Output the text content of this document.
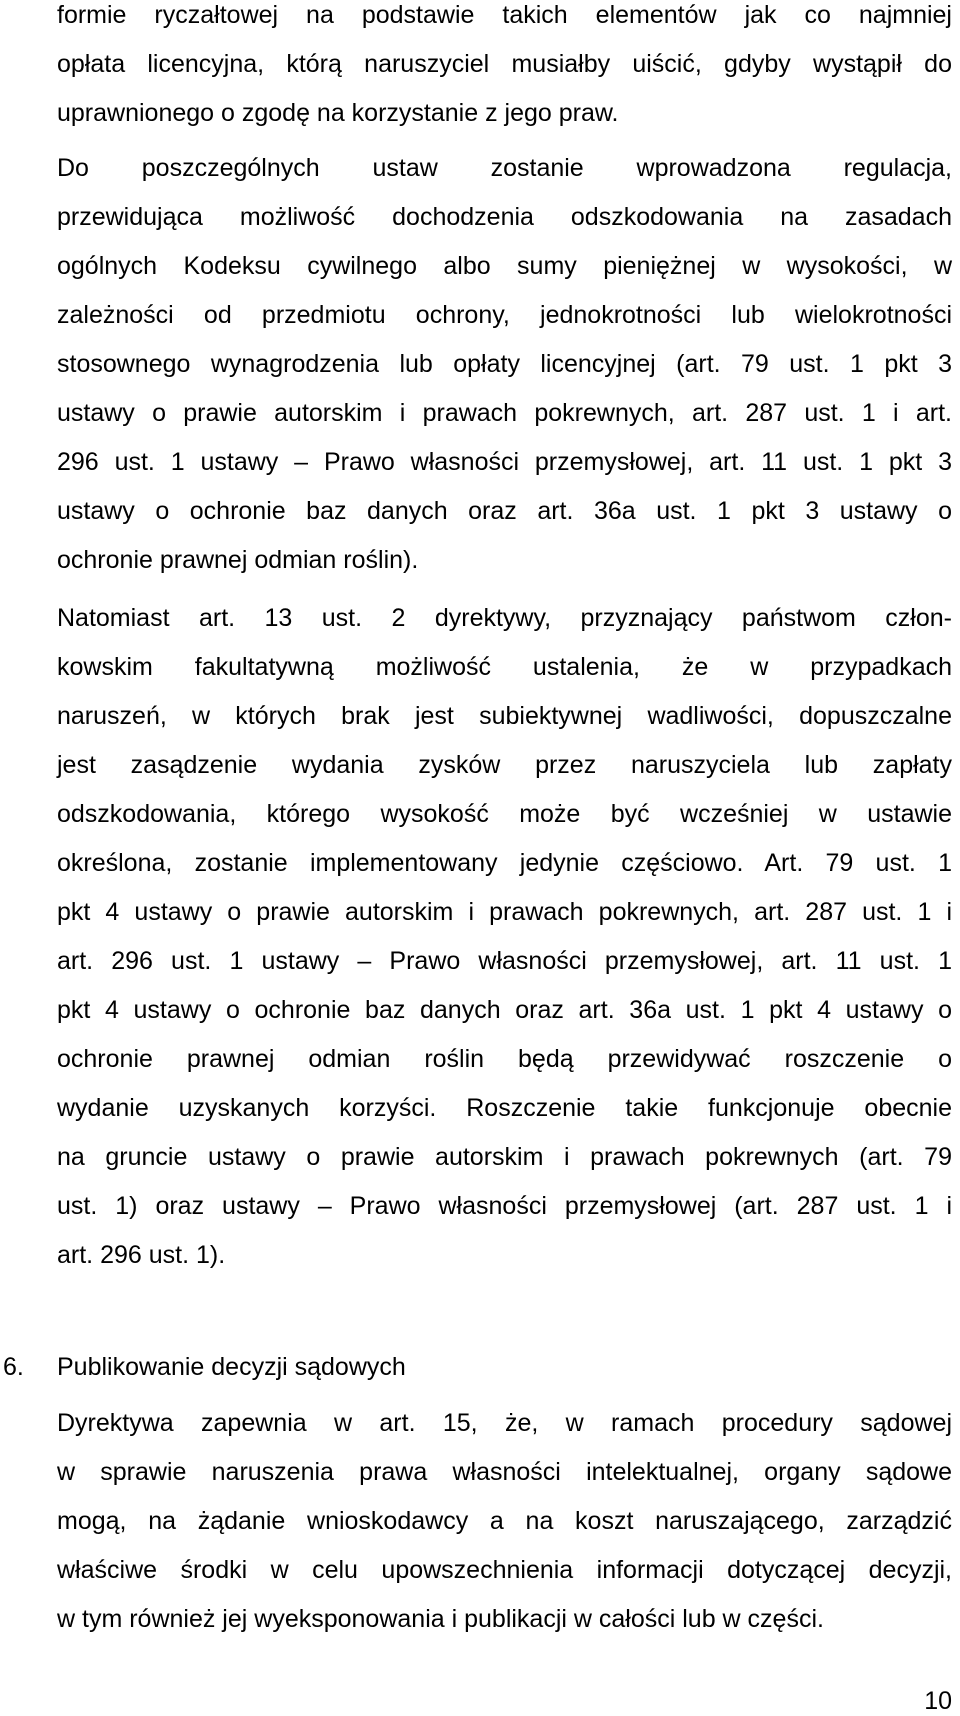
6. Publikowanie decyzji sądowych
10
formie ryczałtowej na podstawie takich elementów jak co najmniej
opłata licencyjna, którą naruszyciel musiałby uiścić, gdyby wystąpił do
uprawnionego o zgodę na korzystanie z jego praw.
Do poszczególnych ustaw zostanie wprowadzona regulacja,
przewidująca możliwość dochodzenia odszkodowania na zasadach
ogólnych Kodeksu cywilnego albo sumy pieniężnej w wysokości, w
zależności od przedmiotu ochrony, jednokrotności lub wielokrotności
stosownego wynagrodzenia lub opłaty licencyjnej (art. 79 ust. 1 pkt 3
ustawy o prawie autorskim i prawach pokrewnych, art. 287 ust. 1 i art.
296 ust. 1 ustawy – Prawo własności przemysłowej, art. 11 ust. 1 pkt 3
ustawy o ochronie baz danych oraz art. 36a ust. 1 pkt 3 ustawy o
ochronie prawnej odmian roślin).
Natomiast art. 13 ust. 2 dyrektywy, przyznający państwom człon-
kowskim fakultatywną możliwość ustalenia, że w przypadkach
naruszeń, w których brak jest subiektywnej wadliwości, dopuszczalne
jest zasądzenie wydania zysków przez naruszyciela lub zapłaty
odszkodowania, którego wysokość może być wcześniej w ustawie
określona, zostanie implementowany jedynie częściowo. Art. 79 ust. 1
pkt 4 ustawy o prawie autorskim i prawach pokrewnych, art. 287 ust. 1 i
art. 296 ust. 1 ustawy – Prawo własności przemysłowej, art. 11 ust. 1
pkt 4 ustawy o ochronie baz danych oraz art. 36a ust. 1 pkt 4 ustawy o
ochronie prawnej odmian roślin będą przewidywać roszczenie o
wydanie uzyskanych korzyści. Roszczenie takie funkcjonuje obecnie
na gruncie ustawy o prawie autorskim i prawach pokrewnych (art. 79
ust. 1) oraz ustawy – Prawo własności przemysłowej (art. 287 ust. 1 i
art. 296 ust. 1).
Dyrektywa zapewnia w art. 15, że, w ramach procedury sądowej
w sprawie naruszenia prawa własności intelektualnej, organy sądowe
mogą, na żądanie wnioskodawcy a na koszt naruszającego, zarządzić
właściwe środki w celu upowszechnienia informacji dotyczącej decyzji,
w tym również jej wyeksponowania i publikacji w całości lub w części.
